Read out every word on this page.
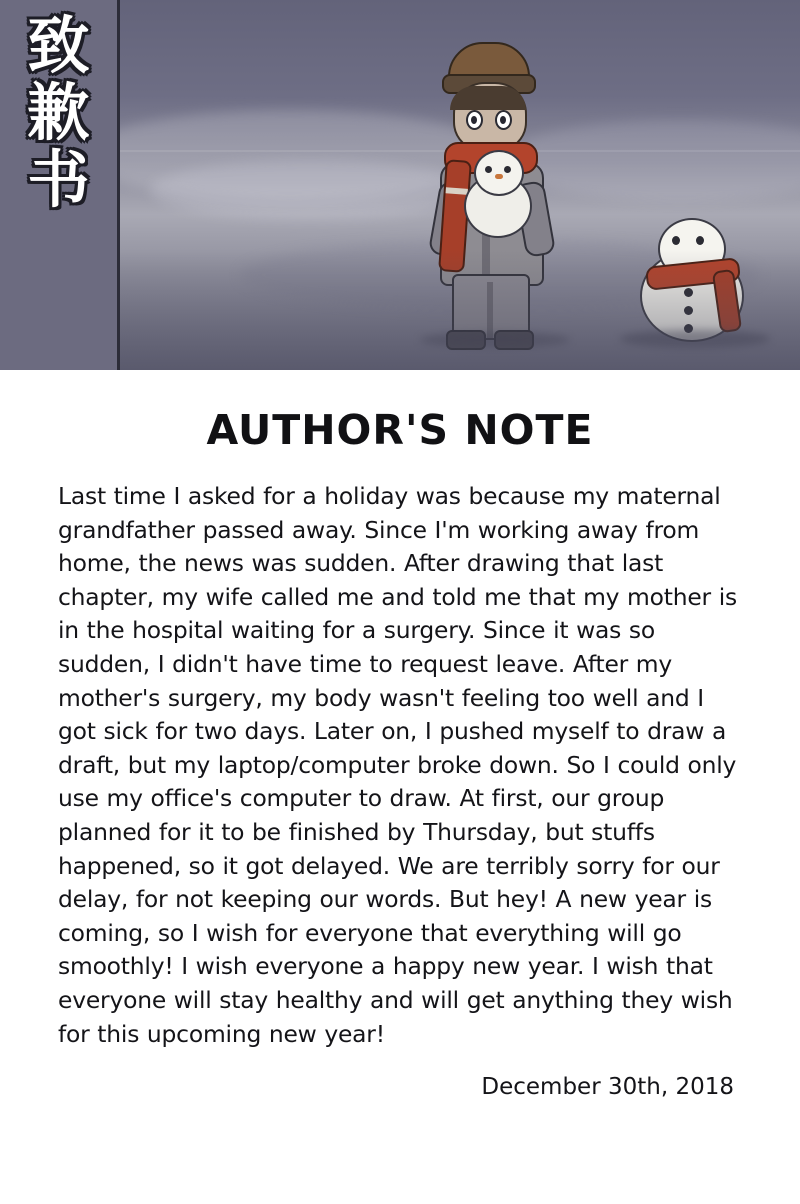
致
歉
书
AUTHOR'S NOTE

Last time I asked for a holiday was because my maternal grandfather passed away. Since I'm working away from home, the news was sudden. After drawing that last chapter, my wife called me and told me that my mother is in the hospital waiting for a surgery. Since it was so sudden, I didn't have time to request leave. After my mother's surgery, my body wasn't feeling too well and I got sick for two days. Later on, I pushed myself to draw a draft, but my laptop/computer broke down. So I could only use my office's computer to draw. At first, our group planned for it to be finished by Thursday, but stuffs happened, so it got delayed. We are terribly sorry for our delay, for not keeping our words. But hey! A new year is coming, so I wish for everyone that everything will go smoothly! I wish everyone a happy new year. I wish that everyone will stay healthy and will get anything they wish for this upcoming new year!

December 30th, 2018
